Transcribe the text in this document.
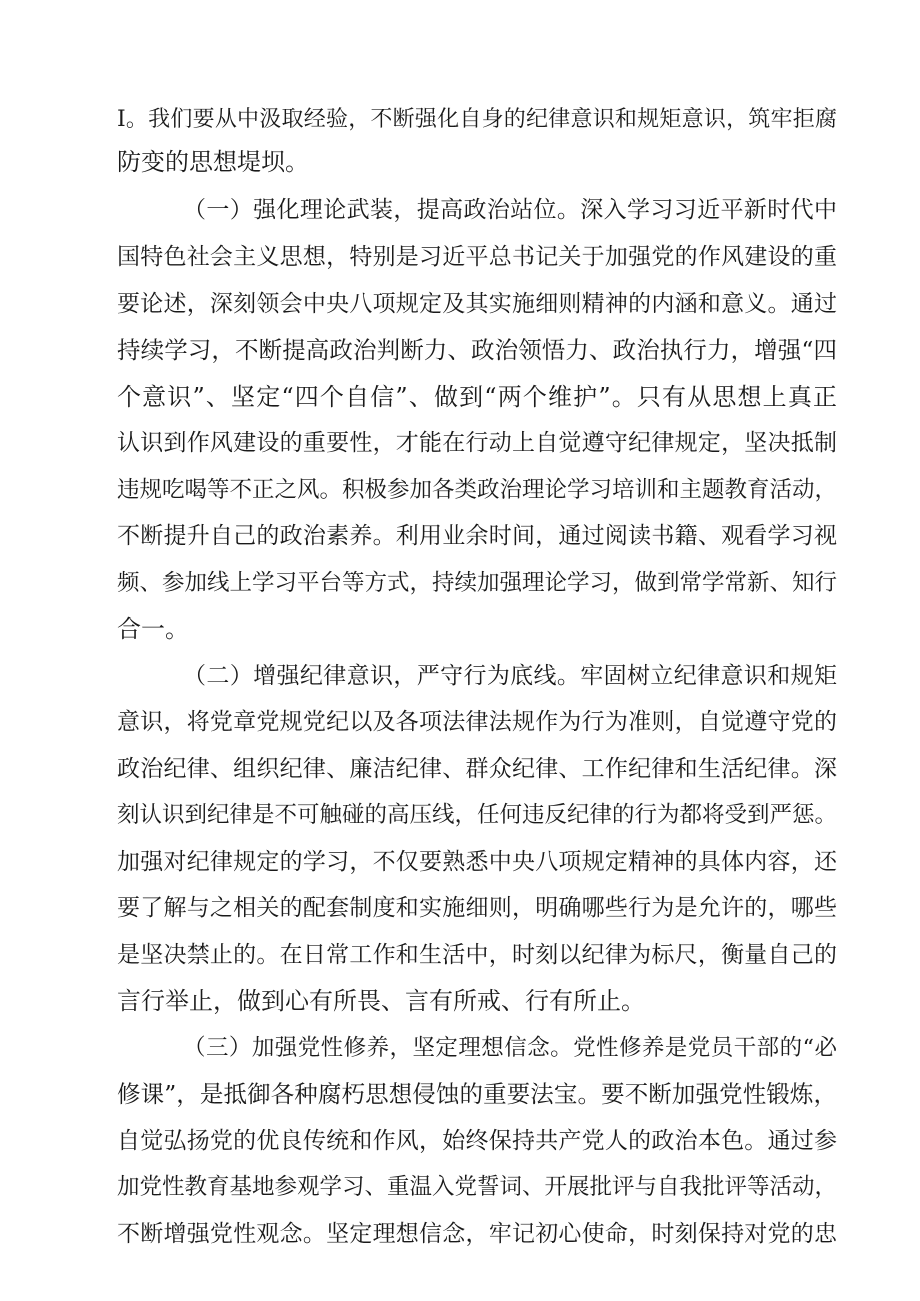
I。我们要从中汲取经验，不断强化自身的纪律意识和规矩意识，筑牢拒腐

防变的思想堤坝。

（一）强化理论武装，提高政治站位。深入学习习近平新时代中

国特色社会主义思想，特别是习近平总书记关于加强党的作风建设的重

要论述，深刻领会中央八项规定及其实施细则精神的内涵和意义。通过

持续学习，不断提高政治判断力、政治领悟力、政治执行力，增强“四

个意识”、坚定“四个自信”、做到“两个维护”。只有从思想上真正

认识到作风建设的重要性，才能在行动上自觉遵守纪律规定，坚决抵制

违规吃喝等不正之风。积极参加各类政治理论学习培训和主题教育活动，

不断提升自己的政治素养。利用业余时间，通过阅读书籍、观看学习视

频、参加线上学习平台等方式，持续加强理论学习，做到常学常新、知行

合一。

（二）增强纪律意识，严守行为底线。牢固树立纪律意识和规矩

意识，将党章党规党纪以及各项法律法规作为行为准则，自觉遵守党的

政治纪律、组织纪律、廉洁纪律、群众纪律、工作纪律和生活纪律。深

刻认识到纪律是不可触碰的高压线，任何违反纪律的行为都将受到严惩。

加强对纪律规定的学习，不仅要熟悉中央八项规定精神的具体内容，还

要了解与之相关的配套制度和实施细则，明确哪些行为是允许的，哪些

是坚决禁止的。在日常工作和生活中，时刻以纪律为标尺，衡量自己的

言行举止，做到心有所畏、言有所戒、行有所止。

（三）加强党性修养，坚定理想信念。党性修养是党员干部的“必

修课”，是抵御各种腐朽思想侵蚀的重要法宝。要不断加强党性锻炼，

自觉弘扬党的优良传统和作风，始终保持共产党人的政治本色。通过参

加党性教育基地参观学习、重温入党誓词、开展批评与自我批评等活动，

不断增强党性观念。坚定理想信念，牢记初心使命，时刻保持对党的忠
